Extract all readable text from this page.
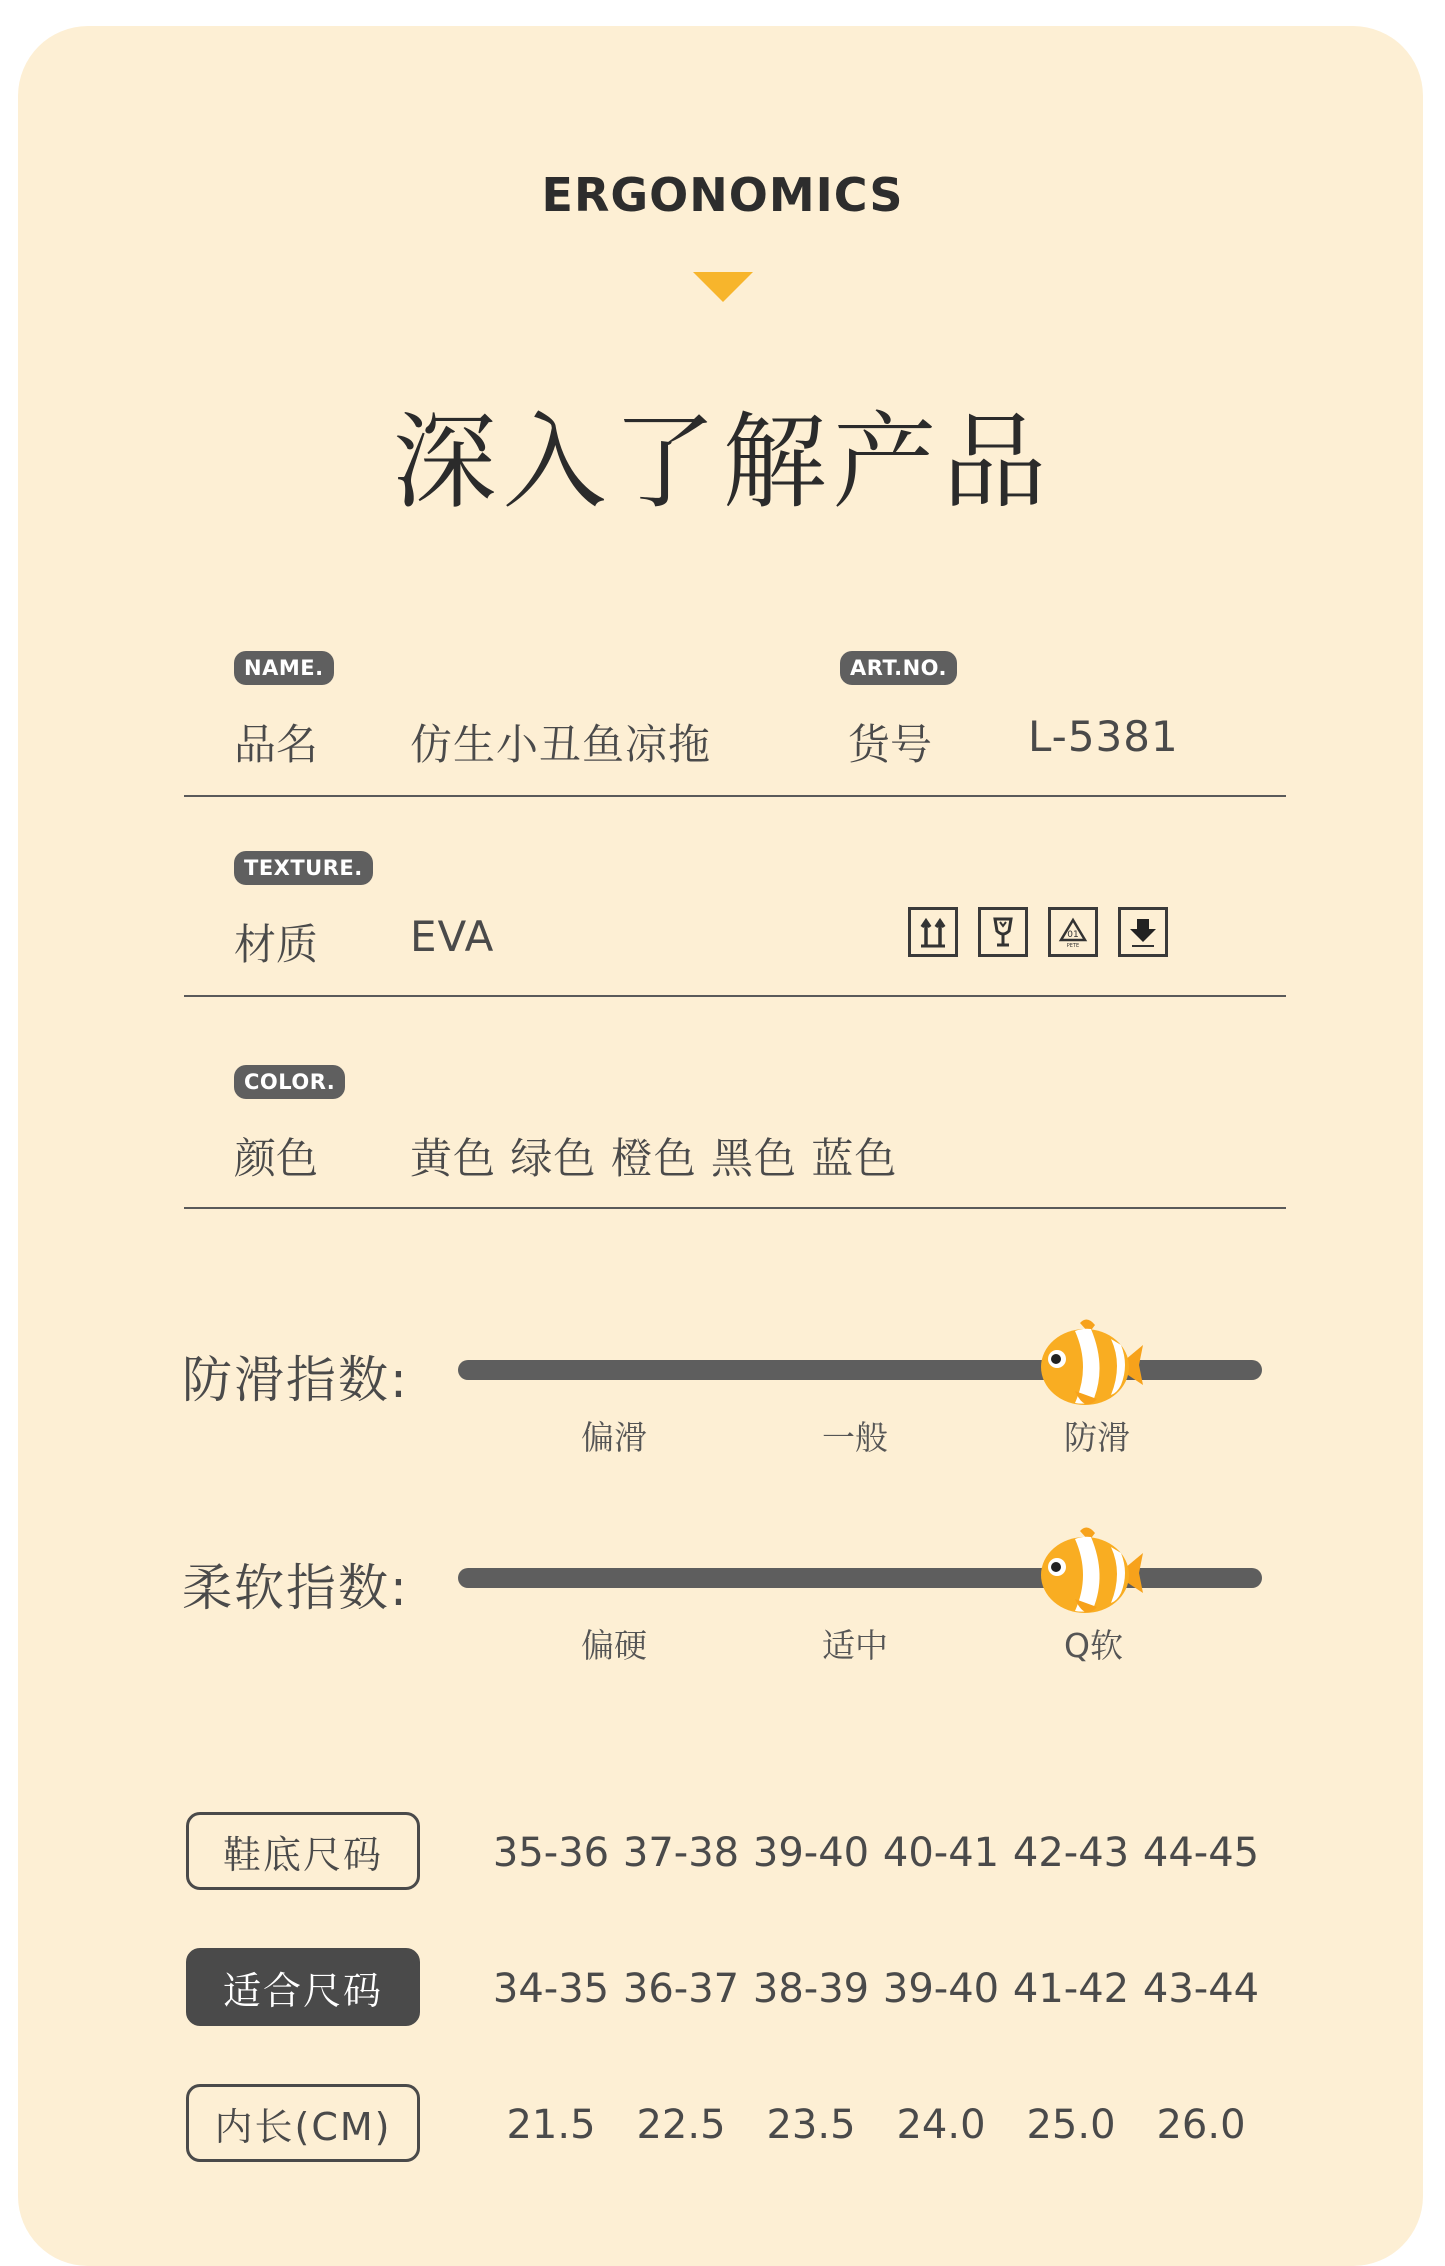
ERGONOMICS
深入了解产品
NAME.
品名 仿生小丑鱼凉拖
ART.NO.
货号 L-5381
TEXTURE.
材质 EVA	01
PETE
COLOR.
颜色 黄色 绿色 橙色 黑色 蓝色
防滑指数:
偏滑	一般	防滑
柔软指数:
偏硬	适中	Q软
鞋底尺码	35-36 37-38 39-40 40-41 42-43 44-45
适合尺码	34-35 36-37 38-39 39-40 41-42 43-44
内长(CM)	21.5	22.5	23.5	24.0	25.0	26.0
